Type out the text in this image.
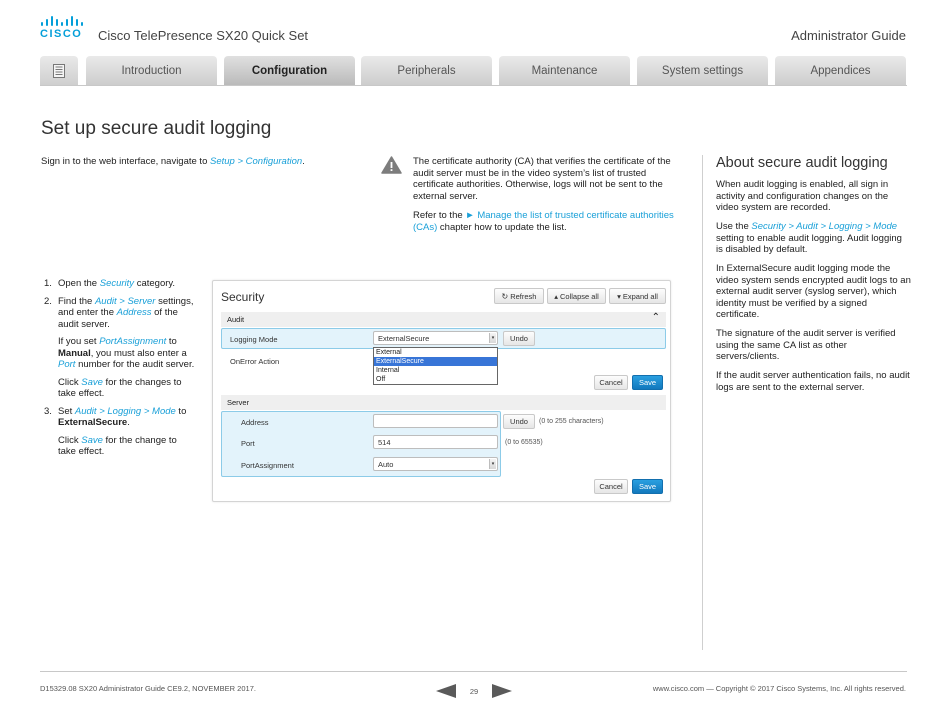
CISCO Cisco TelePresence SX20 Quick Set	Administrator Guide
Introduction	Configuration	Peripherals	Maintenance	System settings	Appendices
Set up secure audit logging

Sign in to the web interface, navigate to Setup > Configuration.	The certificate authority (CA) that verifies the certificate of the audit server must be in the video system’s list of trusted certificate authorities. Otherwise, logs will not be sent to the external server.

Refer to the ► Manage the list of trusted certificate authorities (CAs) chapter how to update the list.

About secure audit logging

When audit logging is enabled, all sign in activity and configuration changes on the video system are recorded.

Use the Security > Audit > Logging > Mode setting to enable audit logging. Audit logging is disabled by default.

In ExternalSecure audit logging mode the video system sends encrypted audit logs to an external audit server (syslog server), which identity must be verified by a signed certificate.

The signature of the audit server is verified using the same CA list as other servers/clients.

If the audit server authentication fails, no audit logs are sent to the external server.

1. Open the Security category.

2. Find the Audit > Server settings, and enter the Address of the audit server.

If you set PortAssignment to Manual, you must also enter a Port number for the audit server.

Click Save for the changes to take effect.

3. Set Audit > Logging > Mode to ExternalSecure.

Click Save for the change to take effect.

Security	↻ Refresh ▴ Collapse all ▾ Expand all
Audit	⌃
Logging Mode	ExternalSecure	▾	Undo
External
ExternalSecure
Internal
Off
OnError Action
Cancel	Save
Server
Address	Undo	(0 to 255 characters)
Port	514	(0 to 65535)
PortAssignment	Auto	▾
Cancel	Save
D15329.08 SX20 Administrator Guide CE9.2, NOVEMBER 2017.	29	www.cisco.com — Copyright © 2017 Cisco Systems, Inc. All rights reserved.
